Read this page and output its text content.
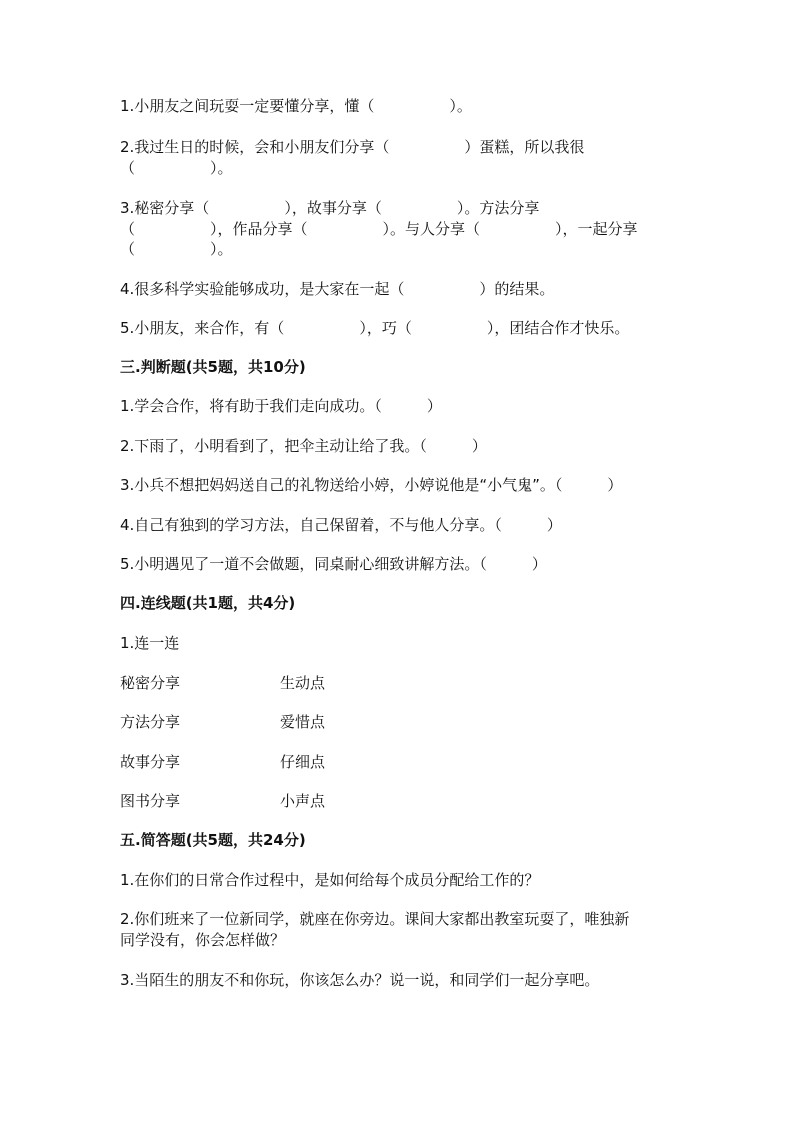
1.小朋友之间玩耍一定要懂分享，懂（　　　　　）。
2.我过生日的时候，会和小朋友们分享（　　　　　）蛋糕，所以我很
（　　　　　）。
3.秘密分享（　　　　　），故事分享（　　　　　）。方法分享
（　　　　　），作品分享（　　　　　）。与人分享（　　　　　），一起分享
（　　　　　）。
4.很多科学实验能够成功，是大家在一起（　　　　　）的结果。
5.小朋友，来合作，有（　　　　　），巧（　　　　　），团结合作才快乐。
三.判断题(共5题，共10分)
1.学会合作，将有助于我们走向成功。（　　　）
2.下雨了，小明看到了，把伞主动让给了我。（　　　）
3.小兵不想把妈妈送自己的礼物送给小婷，小婷说他是“小气鬼”。（　　　）
4.自己有独到的学习方法，自己保留着，不与他人分享。（　　　）
5.小明遇见了一道不会做题，同桌耐心细致讲解方法。（　　　）
四.连线题(共1题，共4分)
1.连一连
秘密分享	生动点
方法分享	爱惜点
故事分享	仔细点
图书分享	小声点
五.简答题(共5题，共24分)
1.在你们的日常合作过程中，是如何给每个成员分配给工作的？
2.你们班来了一位新同学，就座在你旁边。课间大家都出教室玩耍了，唯独新
同学没有，你会怎样做？
3.当陌生的朋友不和你玩，你该怎么办？说一说，和同学们一起分享吧。
